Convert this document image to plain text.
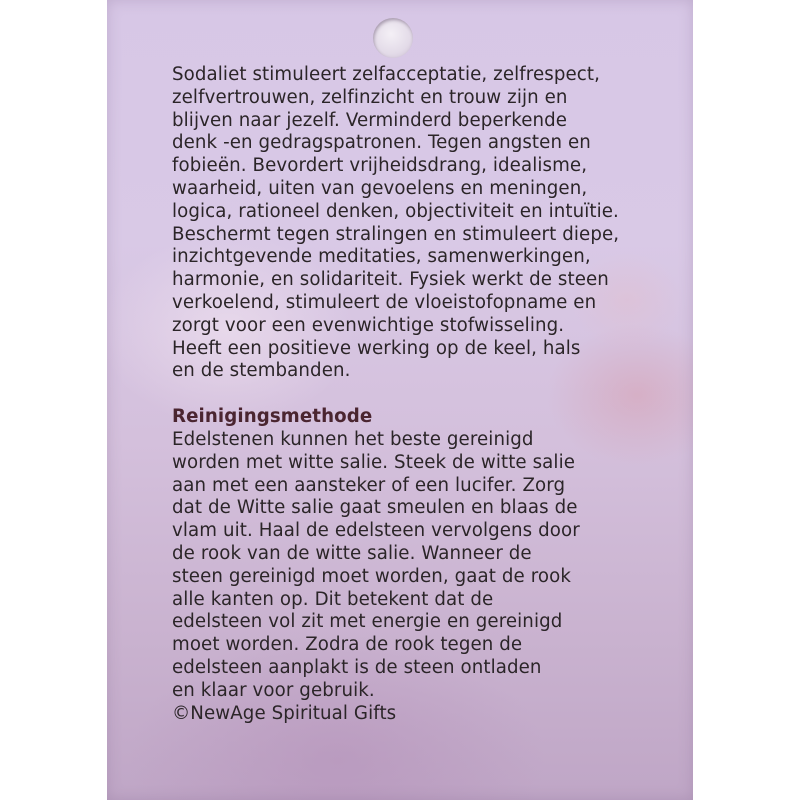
Sodaliet stimuleert zelfacceptatie, zelfrespect,
zelfvertrouwen, zelfinzicht en trouw zijn en
blijven naar jezelf. Verminderd beperkende
denk -en gedragspatronen. Tegen angsten en
fobieën. Bevordert vrijheidsdrang, idealisme,
waarheid, uiten van gevoelens en meningen,
logica, rationeel denken, objectiviteit en intuïtie.
Beschermt tegen stralingen en stimuleert diepe,
inzichtgevende meditaties, samenwerkingen,
harmonie, en solidariteit. Fysiek werkt de steen
verkoelend, stimuleert de vloeistofopname en
zorgt voor een evenwichtige stofwisseling.
Heeft een positieve werking op de keel, hals
en de stembanden.
Reinigingsmethode
Edelstenen kunnen het beste gereinigd
worden met witte salie. Steek de witte salie
aan met een aansteker of een lucifer. Zorg
dat de Witte salie gaat smeulen en blaas de
vlam uit. Haal de edelsteen vervolgens door
de rook van de witte salie. Wanneer de
steen gereinigd moet worden, gaat de rook
alle kanten op. Dit betekent dat de
edelsteen vol zit met energie en gereinigd
moet worden. Zodra de rook tegen de
edelsteen aanplakt is de steen ontladen
en klaar voor gebruik.
©NewAge Spiritual Gifts
